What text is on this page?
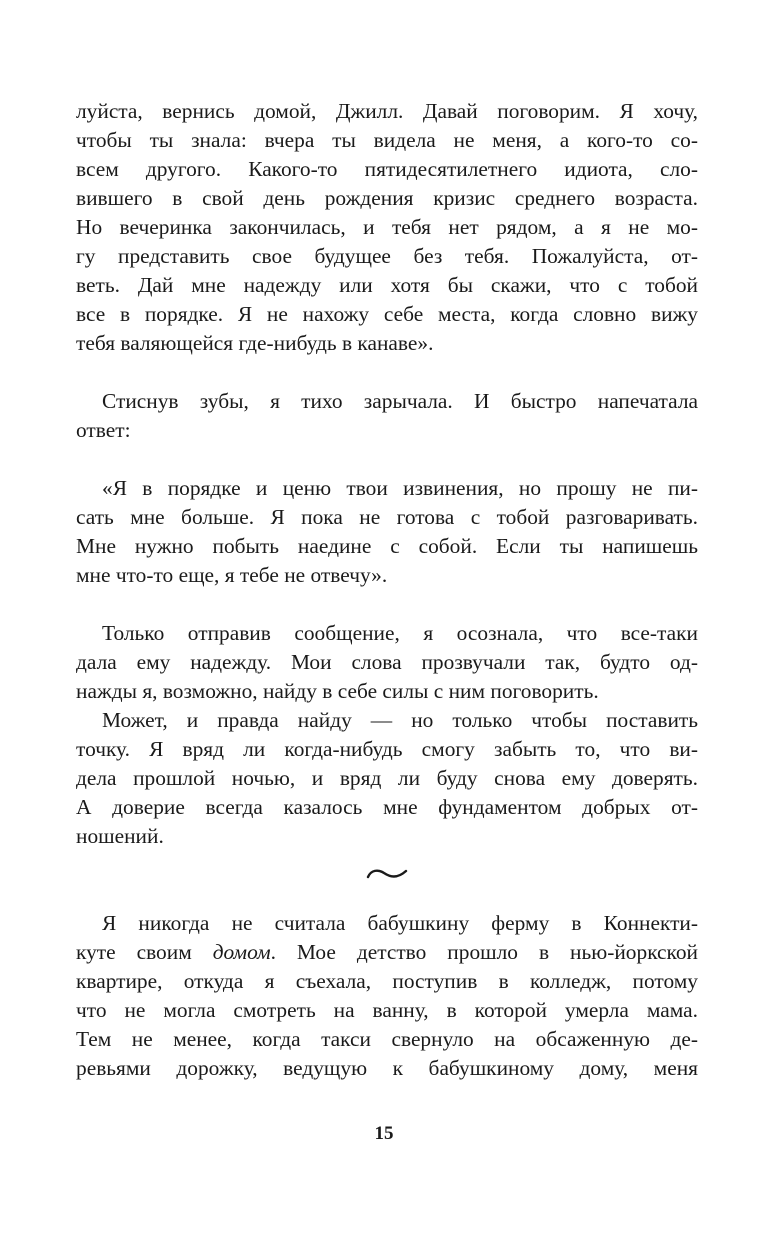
луйста, вернись домой, Джилл. Давай поговорим. Я хочу,
чтобы ты знала: вчера ты видела не меня, а кого-то со-
всем другого. Какого-то пятидесятилетнего идиота, сло-
вившего в свой день рождения кризис среднего возраста.
Но вечеринка закончилась, и тебя нет рядом, а я не мо-
гу представить свое будущее без тебя. Пожалуйста, от-
веть. Дай мне надежду или хотя бы скажи, что с тобой
все в порядке. Я не нахожу себе места, когда словно вижу
тебя валяющейся где-нибудь в канаве».
Стиснув зубы, я тихо зарычала. И быстро напечатала
ответ:
«Я в порядке и ценю твои извинения, но прошу не пи-
сать мне больше. Я пока не готова с тобой разговаривать.
Мне нужно побыть наедине с собой. Если ты напишешь
мне что-то еще, я тебе не отвечу».
Только отправив сообщение, я осознала, что все-таки
дала ему надежду. Мои слова прозвучали так, будто од-
нажды я, возможно, найду в себе силы с ним поговорить.
Может, и правда найду — но только чтобы поставить
точку. Я вряд ли когда-нибудь смогу забыть то, что ви-
дела прошлой ночью, и вряд ли буду снова ему доверять.
А доверие всегда казалось мне фундаментом добрых от-
ношений.
Я никогда не считала бабушкину ферму в Коннекти-
куте своим домом. Мое детство прошло в нью-йоркской
квартире, откуда я съехала, поступив в колледж, потому
что не могла смотреть на ванну, в которой умерла мама.
Тем не менее, когда такси свернуло на обсаженную де-
ревьями дорожку, ведущую к бабушкиному дому, меня
15
